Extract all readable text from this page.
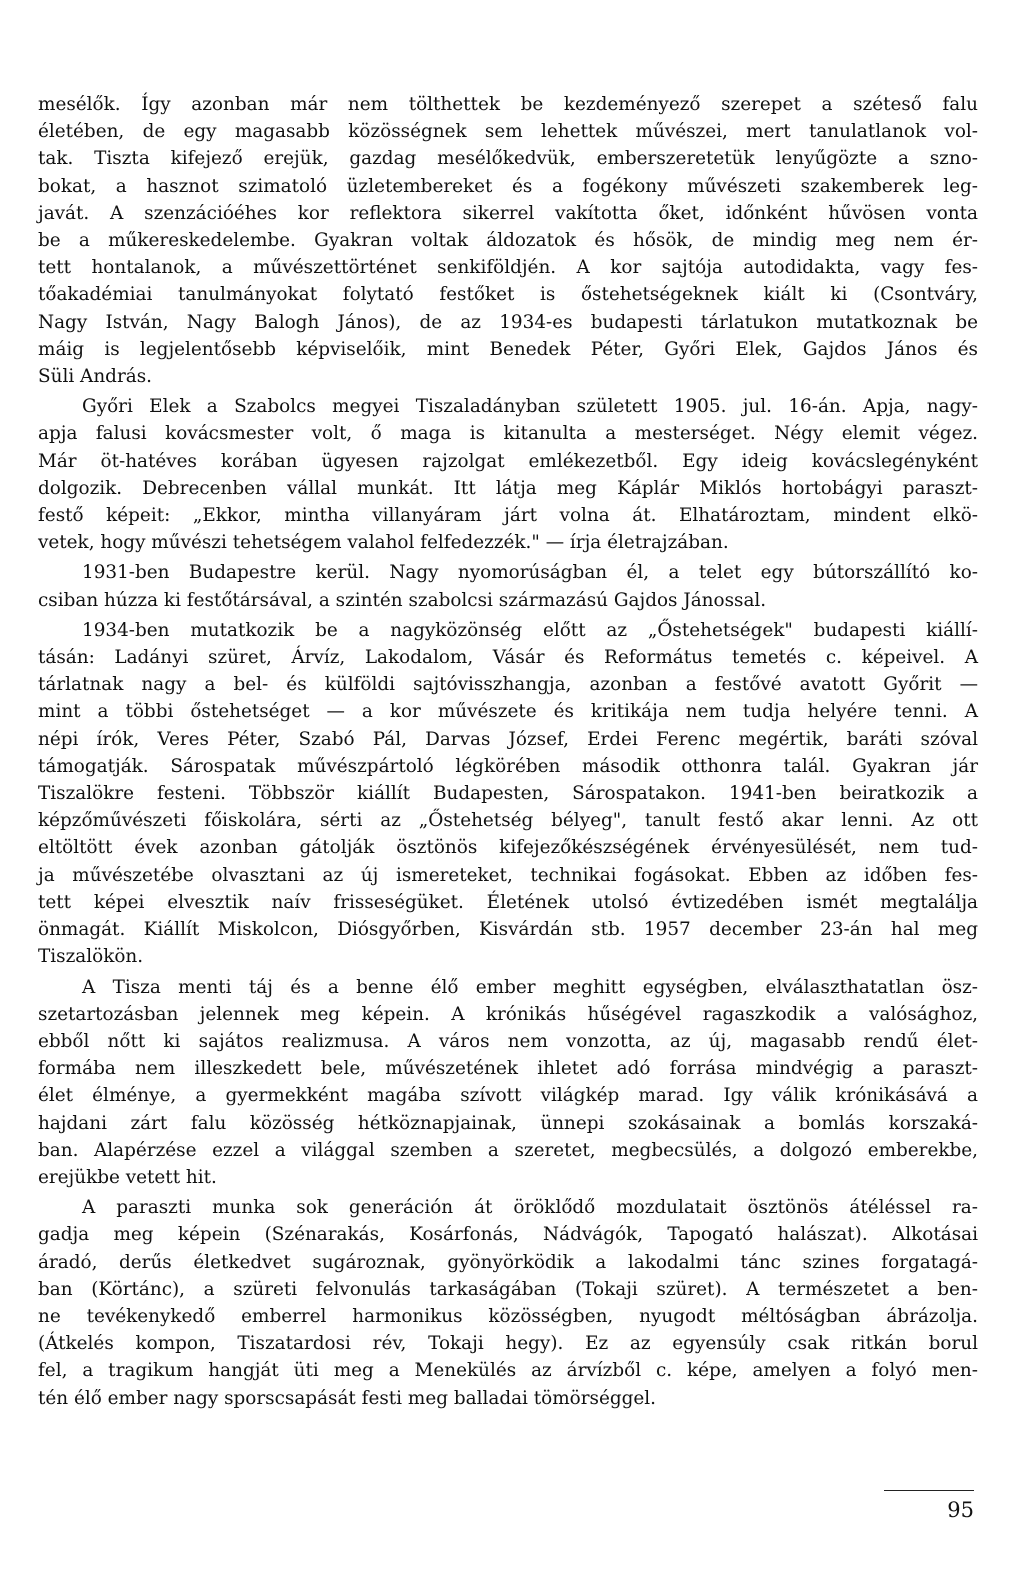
mesélők. Így azonban már nem tölthettek be kezdeményező szerepet a széteső falu
életében, de egy magasabb közösségnek sem lehettek művészei, mert tanulatlanok vol-
tak. Tiszta kifejező erejük, gazdag mesélőkedvük, emberszeretetük lenyűgözte a szno-
bokat, a hasznot szimatoló üzletembereket és a fogékony művészeti szakemberek leg-
javát. A szenzációéhes kor reflektora sikerrel vakította őket, időnként hűvösen vonta
be a műkereskedelembe. Gyakran voltak áldozatok és hősök, de mindig meg nem ér-
tett hontalanok, a művészettörténet senkiföldjén. A kor sajtója autodidakta, vagy fes-
tőakadémiai tanulmányokat folytató festőket is őstehetségeknek kiált ki (Csontváry,
Nagy István, Nagy Balogh János), de az 1934-es budapesti tárlatukon mutatkoznak be
máig is legjelentősebb képviselőik, mint Benedek Péter, Győri Elek, Gajdos János és
Süli András.
Győri Elek a Szabolcs megyei Tiszaladányban született 1905. jul. 16-án. Apja, nagy-
apja falusi kovácsmester volt, ő maga is kitanulta a mesterséget. Négy elemit végez.
Már öt-hatéves korában ügyesen rajzolgat emlékezetből. Egy ideig kovácslegényként
dolgozik. Debrecenben vállal munkát. Itt látja meg Káplár Miklós hortobágyi paraszt-
festő képeit: „Ekkor, mintha villanyáram járt volna át. Elhatároztam, mindent elkö-
vetek, hogy művészi tehetségem valahol felfedezzék." — írja életrajzában.
1931-ben Budapestre kerül. Nagy nyomorúságban él, a telet egy bútorszállító ko-
csiban húzza ki festőtársával, a szintén szabolcsi származású Gajdos Jánossal.
1934-ben mutatkozik be a nagyközönség előtt az „Őstehetségek" budapesti kiállí-
tásán: Ladányi szüret, Árvíz, Lakodalom, Vásár és Református temetés c. képeivel. A
tárlatnak nagy a bel- és külföldi sajtóvisszhangja, azonban a festővé avatott Győrit —
mint a többi őstehetséget — a kor művészete és kritikája nem tudja helyére tenni. A
népi írók, Veres Péter, Szabó Pál, Darvas József, Erdei Ferenc megértik, baráti szóval
támogatják. Sárospatak művészpártoló légkörében második otthonra talál. Gyakran jár
Tiszalökre festeni. Többször kiállít Budapesten, Sárospatakon. 1941-ben beiratkozik a
képzőművészeti főiskolára, sérti az „Őstehetség bélyeg", tanult festő akar lenni. Az ott
eltöltött évek azonban gátolják ösztönös kifejezőkészségének érvényesülését, nem tud-
ja művészetébe olvasztani az új ismereteket, technikai fogásokat. Ebben az időben fes-
tett képei elvesztik naív frisseségüket. Életének utolsó évtizedében ismét megtalálja
önmagát. Kiállít Miskolcon, Diósgyőrben, Kisvárdán stb. 1957 december 23-án hal meg
Tiszalökön.
A Tisza menti táj és a benne élő ember meghitt egységben, elválaszthatatlan ösz-
szetartozásban jelennek meg képein. A krónikás hűségével ragaszkodik a valósághoz,
ebből nőtt ki sajátos realizmusa. A város nem vonzotta, az új, magasabb rendű élet-
formába nem illeszkedett bele, művészetének ihletet adó forrása mindvégig a paraszt-
élet élménye, a gyermekként magába szívott világkép marad. Igy válik krónikásává a
hajdani zárt falu közösség hétköznapjainak, ünnepi szokásainak a bomlás korszaká-
ban. Alapérzése ezzel a világgal szemben a szeretet, megbecsülés, a dolgozó emberekbe,
erejükbe vetett hit.
A paraszti munka sok generáción át öröklődő mozdulatait ösztönös átéléssel ra-
gadja meg képein (Szénarakás, Kosárfonás, Nádvágók, Tapogató halászat). Alkotásai
áradó, derűs életkedvet sugároznak, gyönyörködik a lakodalmi tánc szines forgatagá-
ban (Körtánc), a szüreti felvonulás tarkaságában (Tokaji szüret). A természetet a ben-
ne tevékenykedő emberrel harmonikus közösségben, nyugodt méltóságban ábrázolja.
(Átkelés kompon, Tiszatardosi rév, Tokaji hegy). Ez az egyensúly csak ritkán borul
fel, a tragikum hangját üti meg a Menekülés az árvízből c. képe, amelyen a folyó men-
tén élő ember nagy sporscsapását festi meg balladai tömörséggel.
95
